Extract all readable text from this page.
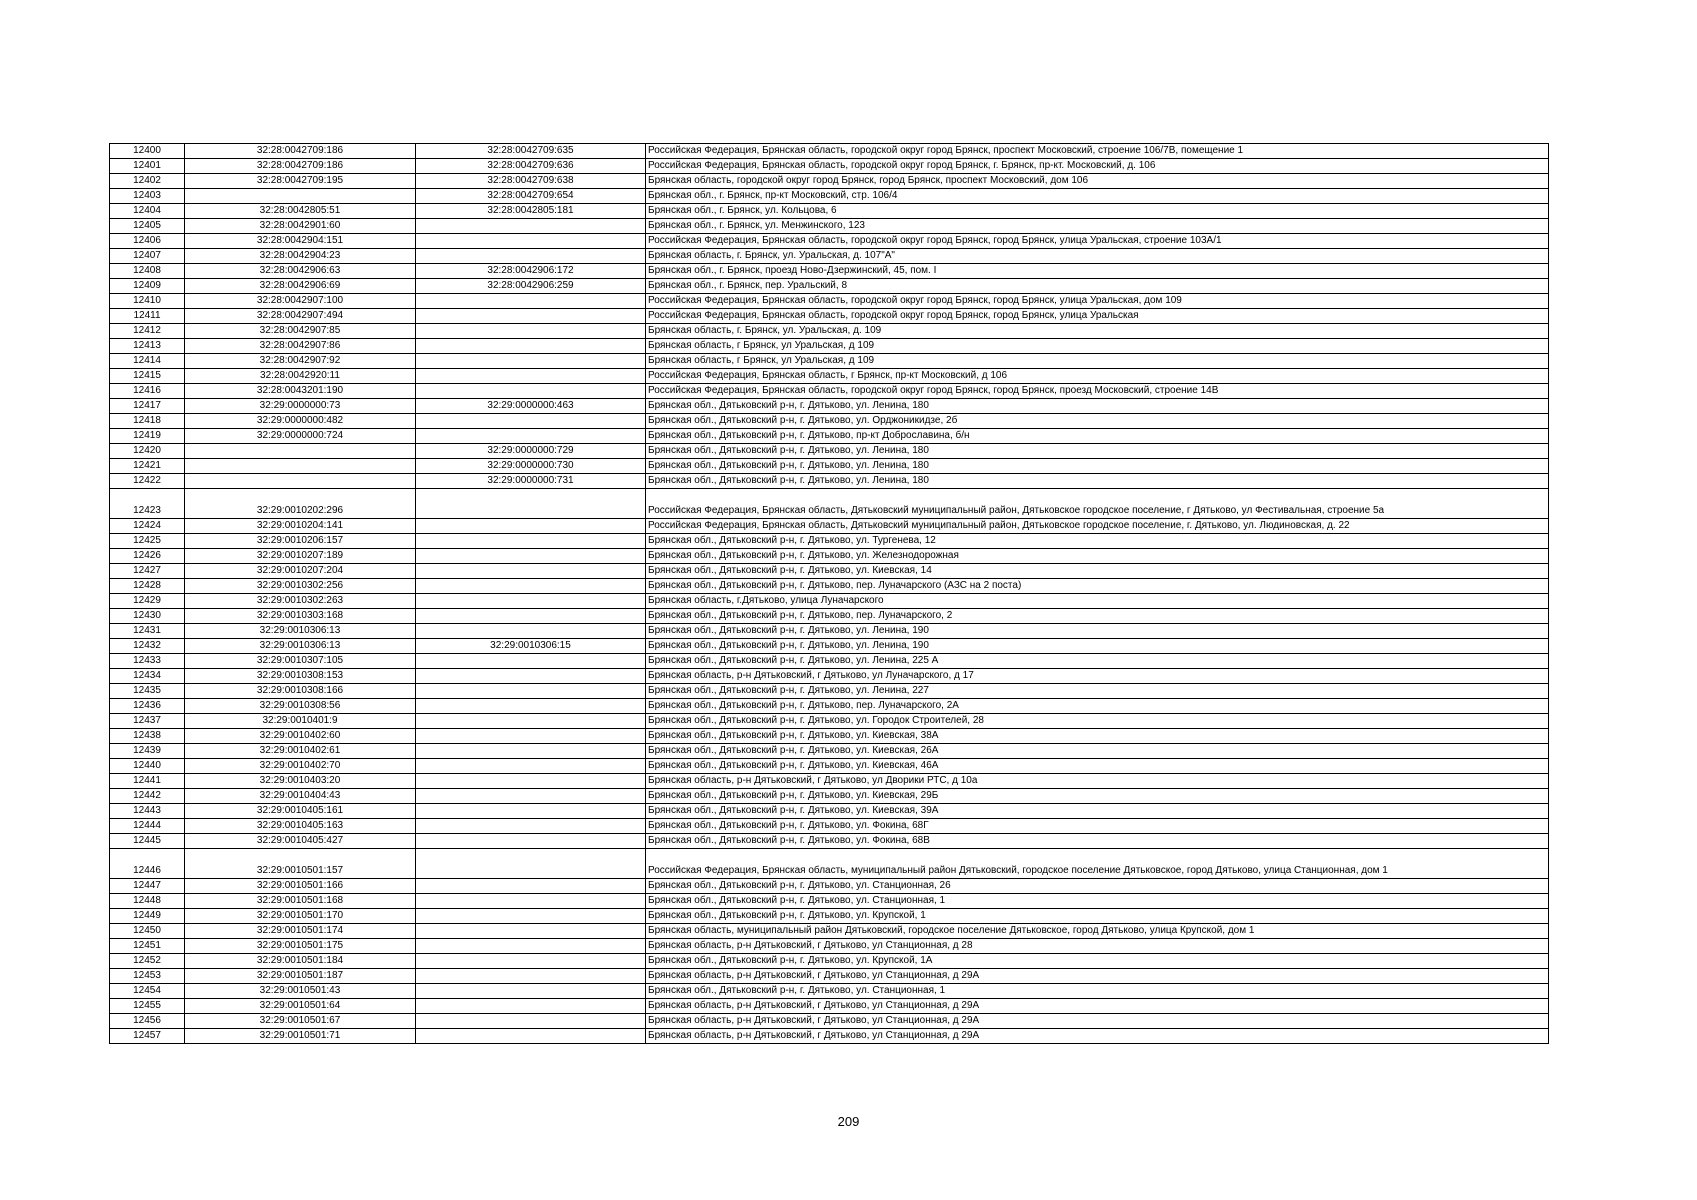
12400	32:28:0042709:186	32:28:0042709:635	Российская Федерация, Брянская область, городской округ город Брянск, проспект Московский, строение 106/7В, помещение 1
12401	32:28:0042709:186	32:28:0042709:636	Российская Федерация, Брянская область, городской округ город Брянск, г. Брянск, пр-кт. Московский, д. 106
12402	32:28:0042709:195	32:28:0042709:638	Брянская область, городской округ город Брянск, город Брянск, проспект Московский, дом 106
12403		32:28:0042709:654	Брянская обл., г. Брянск, пр-кт Московский, стр. 106/4
12404	32:28:0042805:51	32:28:0042805:181	Брянская обл., г. Брянск, ул. Кольцова, 6
12405	32:28:0042901:60		Брянская обл., г. Брянск, ул. Менжинского, 123
12406	32:28:0042904:151		Российская Федерация, Брянская область, городской округ город Брянск, город Брянск, улица Уральская, строение 103А/1
12407	32:28:0042904:23		Брянская область, г. Брянск, ул. Уральская, д. 107"А"
12408	32:28:0042906:63	32:28:0042906:172	Брянская обл., г. Брянск, проезд Ново-Дзержинский, 45, пом. I
12409	32:28:0042906:69	32:28:0042906:259	Брянская обл., г. Брянск, пер. Уральский, 8
12410	32:28:0042907:100		Российская Федерация, Брянская область, городской округ город Брянск, город Брянск, улица Уральская, дом 109
12411	32:28:0042907:494		Российская Федерация, Брянская область, городской округ город Брянск, город Брянск, улица Уральская
12412	32:28:0042907:85		Брянская область, г. Брянск, ул. Уральская, д. 109
12413	32:28:0042907:86		Брянская область, г Брянск, ул Уральская, д 109
12414	32:28:0042907:92		Брянская область, г Брянск, ул Уральская, д 109
12415	32:28:0042920:11		Российская Федерация, Брянская область, г Брянск, пр-кт Московский, д 106
12416	32:28:0043201:190		Российская Федерация, Брянская область, городской округ город Брянск, город Брянск, проезд Московский, строение 14В
12417	32:29:0000000:73	32:29:0000000:463	Брянская обл., Дятьковский р-н, г. Дятьково, ул. Ленина, 180
12418	32:29:0000000:482		Брянская обл., Дятьковский р-н, г. Дятьково, ул. Орджоникидзе, 2б
12419	32:29:0000000:724		Брянская обл., Дятьковский р-н, г. Дятьково, пр-кт Доброславина, б/н
12420		32:29:0000000:729	Брянская обл., Дятьковский р-н, г. Дятьково, ул. Ленина, 180
12421		32:29:0000000:730	Брянская обл., Дятьковский р-н, г. Дятьково, ул. Ленина, 180
12422		32:29:0000000:731	Брянская обл., Дятьковский р-н, г. Дятьково, ул. Ленина, 180
12423	32:29:0010202:296		Российская Федерация, Брянская область, Дятьковский муниципальный район, Дятьковское городское поселение, г Дятьково, ул Фестивальная, строение 5а
12424	32:29:0010204:141		Российская Федерация, Брянская область, Дятьковский муниципальный район, Дятьковское городское поселение, г. Дятьково, ул. Людиновская, д. 22
12425	32:29:0010206:157		Брянская обл., Дятьковский р-н, г. Дятьково, ул. Тургенева, 12
12426	32:29:0010207:189		Брянская обл., Дятьковский р-н, г. Дятьково, ул. Железнодорожная
12427	32:29:0010207:204		Брянская обл., Дятьковский р-н, г. Дятьково, ул. Киевская, 14
12428	32:29:0010302:256		Брянская обл., Дятьковский р-н, г. Дятьково, пер. Луначарского (АЗС на 2 поста)
12429	32:29:0010302:263		Брянская область, г.Дятьково, улица Луначарского
12430	32:29:0010303:168		Брянская обл., Дятьковский р-н, г. Дятьково, пер. Луначарского, 2
12431	32:29:0010306:13		Брянская обл., Дятьковский р-н, г. Дятьково, ул. Ленина, 190
12432	32:29:0010306:13	32:29:0010306:15	Брянская обл., Дятьковский р-н, г. Дятьково, ул. Ленина, 190
12433	32:29:0010307:105		Брянская обл., Дятьковский р-н, г. Дятьково, ул. Ленина, 225 А
12434	32:29:0010308:153		Брянская область, р-н Дятьковский, г Дятьково, ул Луначарского, д 17
12435	32:29:0010308:166		Брянская обл., Дятьковский р-н, г. Дятьково, ул. Ленина, 227
12436	32:29:0010308:56		Брянская обл., Дятьковский р-н, г. Дятьково, пер. Луначарского, 2А
12437	32:29:0010401:9		Брянская обл., Дятьковский р-н, г. Дятьково, ул. Городок Строителей, 28
12438	32:29:0010402:60		Брянская обл., Дятьковский р-н, г. Дятьково, ул. Киевская, 38А
12439	32:29:0010402:61		Брянская обл., Дятьковский р-н, г. Дятьково, ул. Киевская, 26А
12440	32:29:0010402:70		Брянская обл., Дятьковский р-н, г. Дятьково, ул. Киевская, 46А
12441	32:29:0010403:20		Брянская область, р-н Дятьковский, г Дятьково, ул Дворики РТС, д 10а
12442	32:29:0010404:43		Брянская обл., Дятьковский р-н, г. Дятьково, ул. Киевская, 29Б
12443	32:29:0010405:161		Брянская обл., Дятьковский р-н, г. Дятьково, ул. Киевская, 39А
12444	32:29:0010405:163		Брянская обл., Дятьковский р-н, г. Дятьково, ул. Фокина, 68Г
12445	32:29:0010405:427		Брянская обл., Дятьковский р-н, г. Дятьково, ул. Фокина, 68В
12446	32:29:0010501:157		Российская Федерация, Брянская область, муниципальный район Дятьковский, городское поселение Дятьковское, город Дятьково, улица Станционная, дом 1
12447	32:29:0010501:166		Брянская обл., Дятьковский р-н, г. Дятьково, ул. Станционная, 26
12448	32:29:0010501:168		Брянская обл., Дятьковский р-н, г. Дятьково, ул. Станционная, 1
12449	32:29:0010501:170		Брянская обл., Дятьковский р-н, г. Дятьково, ул. Крупской, 1
12450	32:29:0010501:174		Брянская область, муниципальный район Дятьковский, городское поселение Дятьковское, город Дятьково, улица Крупской, дом 1
12451	32:29:0010501:175		Брянская область, р-н Дятьковский, г Дятьково, ул Станционная, д 28
12452	32:29:0010501:184		Брянская обл., Дятьковский р-н, г. Дятьково, ул. Крупской, 1А
12453	32:29:0010501:187		Брянская область, р-н Дятьковский, г Дятьково, ул Станционная, д 29А
12454	32:29:0010501:43		Брянская обл., Дятьковский р-н, г. Дятьково, ул. Станционная, 1
12455	32:29:0010501:64		Брянская область, р-н Дятьковский, г Дятьково, ул Станционная, д 29А
12456	32:29:0010501:67		Брянская область, р-н Дятьковский, г Дятьково, ул Станционная, д 29А
12457	32:29:0010501:71		Брянская область, р-н Дятьковский, г Дятьково, ул Станционная, д 29А
209
